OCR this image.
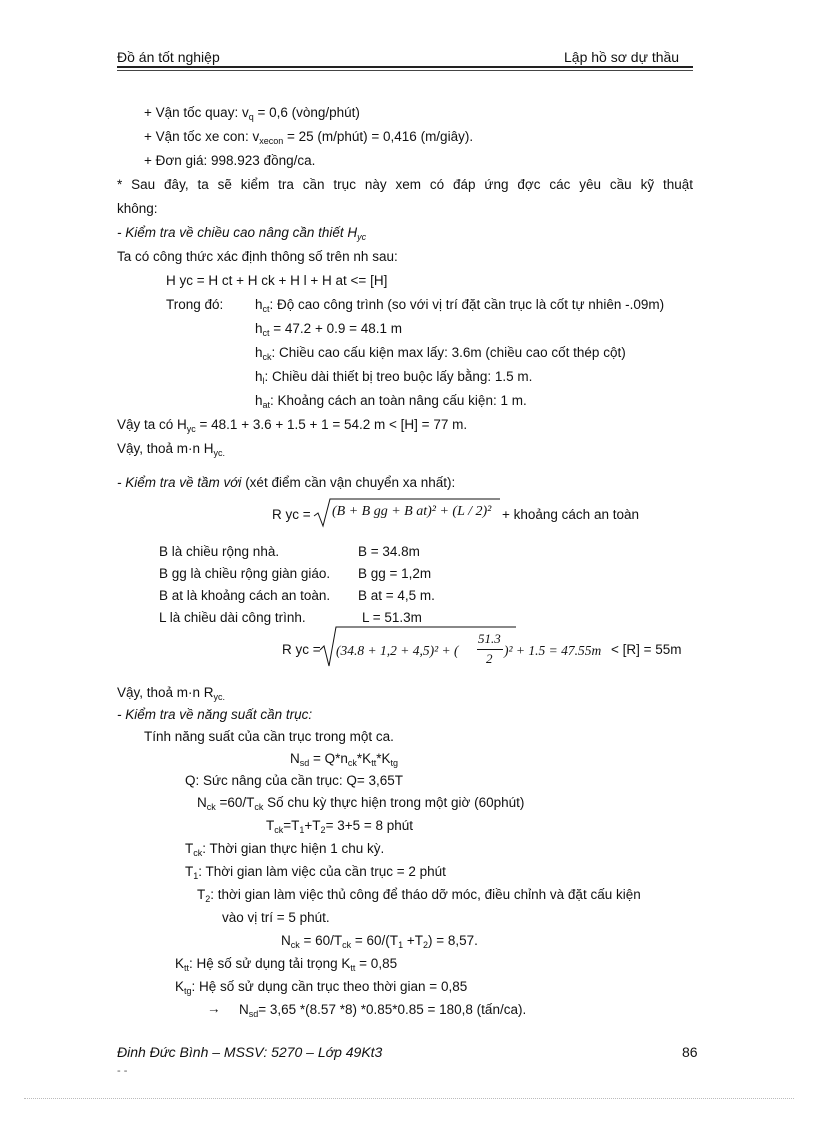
Đồ án tốt nghiệp	Lập hồ sơ dự thầu
+ Vận tốc quay: $v_q = 0,6$ (vòng/phút)
+ Vận tốc xe con: $v_{xecon} = 25$ (m/phút) = 0,416 (m/giây).
+ Đơn giá: 998.923 đồng/ca.
* Sau đây, ta sẽ kiểm tra cần trục này xem có đáp ứng đợc các yêu cầu kỹ thuật
không:
- Kiểm tra về chiều cao nâng cần thiết $H_{yc}$
Ta có công thức xác định thông số trên nh sau:
H yc = H ct + H ck + H l + H at <= [H]
Trong đó: $h_{ct}$: Độ cao công trình (so với vị trí đặt cần trục là cốt tự nhiên -.09m)
$h_{ct} = 47.2 + 0.9 = 48.1$ m
$h_{ck}$: Chiều cao cấu kiện max lấy: 3.6m (chiều cao cốt thép cột)
$h_l$: Chiều dài thiết bị treo buộc lấy bằng: 1.5 m.
$h_{at}$: Khoảng cách an toàn nâng cấu kiện: 1 m.
Vậy ta có $H_{yc} = 48.1 + 3.6 + 1.5 + 1 = 54.2$ m < [H] = 77 m.
Vậy, thoả m·n $H_{yc.}$
- Kiểm tra về tầm với (xét điểm cần vận chuyển xa nhất):
R yc = (B + B gg + B at)² + (L / 2)² + khoảng cách an toàn
B là chiều rộng nhà.	B = 34.8m
B gg là chiều rộng giàn giáo. B gg = 1,2m
B at là khoảng cách an toàn. B at = 4,5 m.
L là chiều dài công trình.	L = 51.3m
R yc = (34.8 + 1,2 + 4,5)² + (
51.3
2
)² + 1.5 = 47.55m < [R] = 55m
Vậy, thoả m·n $R_{yc.}$
- Kiểm tra về năng suất cần trục:
Tính năng suất của cần trục trong một ca.
$N_{sd} = Q*n_{ck}*K_{tt}*K_{tg}$
Q: Sức nâng của cần trục: Q= 3,65T
$N_{ck} =60/T_{ck}$ Số chu kỳ thực hiện trong một giờ (60phút)
$T_{ck}=T_1+T_2= 3+5 = 8$ phút
$T_{ck}$: Thời gian thực hiện 1 chu kỳ.
$T_1$: Thời gian làm việc của cần trục = 2 phút
$T_2$: thời gian làm việc thủ công để tháo dỡ móc, điều chỉnh và đặt cấu kiện
vào vị trí = 5 phút.
$N_{ck} = 60/T_{ck} = 60/(T_1 +T_2) = 8,57$.
$K_{tt}$: Hệ số sử dụng tải trọng $K_{tt} = 0,85$
$K_{tg}$: Hệ số sử dụng cần trục theo thời gian = 0,85
→ $N_{sd}= 3,65$ *(8.57 *8) *0.85*0.85 = 180,8 (tấn/ca).
Đinh Đức Bình – MSSV: 5270 – Lớp 49Kt3	86
- -
